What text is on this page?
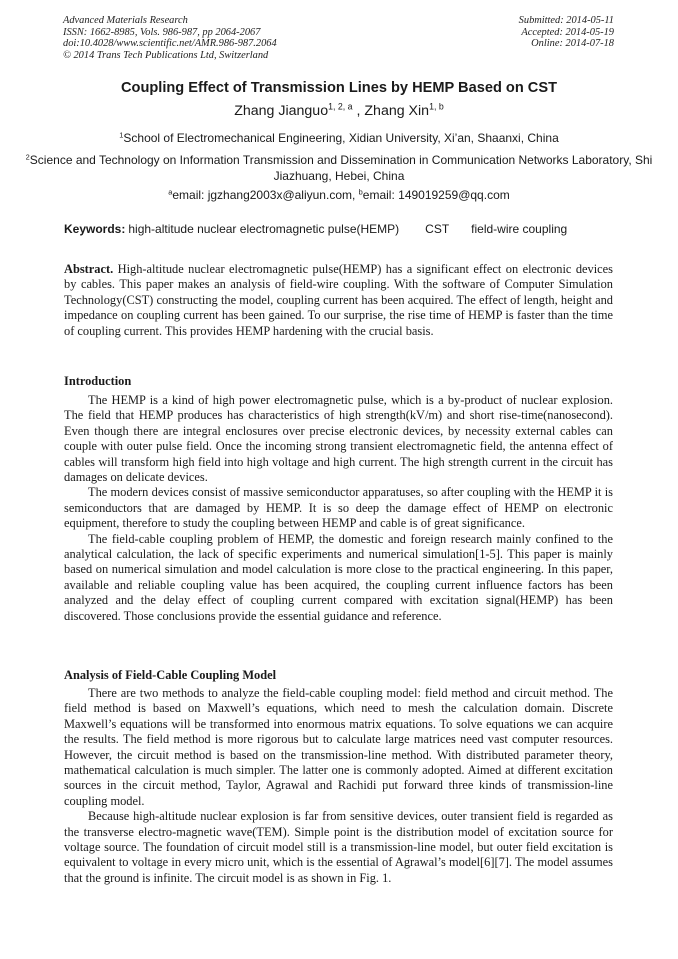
Advanced Materials Research
ISSN: 1662-8985, Vols. 986-987, pp 2064-2067
doi:10.4028/www.scientific.net/AMR.986-987.2064
© 2014 Trans Tech Publications Ltd, Switzerland
Submitted: 2014-05-11
Accepted: 2014-05-19
Online: 2014-07-18
Coupling Effect of Transmission Lines by HEMP Based on CST
Zhang Jianguo$^{1, 2, a}$ , Zhang Xin$^{1, b}$
$^1$School of Electromechanical Engineering, Xidian University, Xi’an, Shaanxi, China
$^2$Science and Technology on Information Transmission and Dissemination in Communication Networks Laboratory, Shi Jiazhuang, Hebei, China
$^a$email: jgzhang2003x@aliyun.com, $^b$email: 149019259@qq.com
Keywords: high-altitude nuclear electromagnetic pulse(HEMP) CST field-wire coupling

Abstract. High-altitude nuclear electromagnetic pulse(HEMP) has a significant effect on electronic devices by cables. This paper makes an analysis of field-wire coupling. With the software of Computer Simulation Technology(CST) constructing the model, coupling current has been acquired. The effect of length, height and impedance on coupling current has been gained. To our surprise, the rise time of HEMP is faster than the time of coupling current. This provides HEMP hardening with the crucial basis.

Introduction

The HEMP is a kind of high power electromagnetic pulse, which is a by-product of nuclear explosion. The field that HEMP produces has characteristics of high strength(kV/m) and short rise-time(nanosecond). Even though there are integral enclosures over precise electronic devices, by necessity external cables can couple with outer pulse field. Once the incoming strong transient electromagnetic field, the antenna effect of cables will transform high field into high voltage and high current. The high strength current in the circuit has damages on delicate devices.

The modern devices consist of massive semiconductor apparatuses, so after coupling with the HEMP it is semiconductors that are damaged by HEMP. It is so deep the damage effect of HEMP on electronic equipment, therefore to study the coupling between HEMP and cable is of great significance.

The field-cable coupling problem of HEMP, the domestic and foreign research mainly confined to the analytical calculation, the lack of specific experiments and numerical simulation[1-5]. This paper is mainly based on numerical simulation and model calculation is more close to the practical engineering. In this paper, available and reliable coupling value has been acquired, the coupling current influence factors has been analyzed and the delay effect of coupling current compared with excitation signal(HEMP) has been discovered. Those conclusions provide the essential guidance and reference.

Analysis of Field-Cable Coupling Model

There are two methods to analyze the field-cable coupling model: field method and circuit method. The field method is based on Maxwell’s equations, which need to mesh the calculation domain. Discrete Maxwell’s equations will be transformed into enormous matrix equations. To solve equations we can acquire the results. The field method is more rigorous but to calculate large matrices need vast computer resources. However, the circuit method is based on the transmission-line method. With distributed parameter theory, mathematical calculation is much simpler. The latter one is commonly adopted. Aimed at different excitation sources in the circuit method, Taylor, Agrawal and Rachidi put forward three kinds of transmission-line coupling model.

Because high-altitude nuclear explosion is far from sensitive devices, outer transient field is regarded as the transverse electro-magnetic wave(TEM). Simple point is the distribution model of excitation source for voltage source. The foundation of circuit model still is a transmission-line model, but outer field excitation is equivalent to voltage in every micro unit, which is the essential of Agrawal’s model[6][7]. The model assumes that the ground is infinite. The circuit model is as shown in Fig. 1.
